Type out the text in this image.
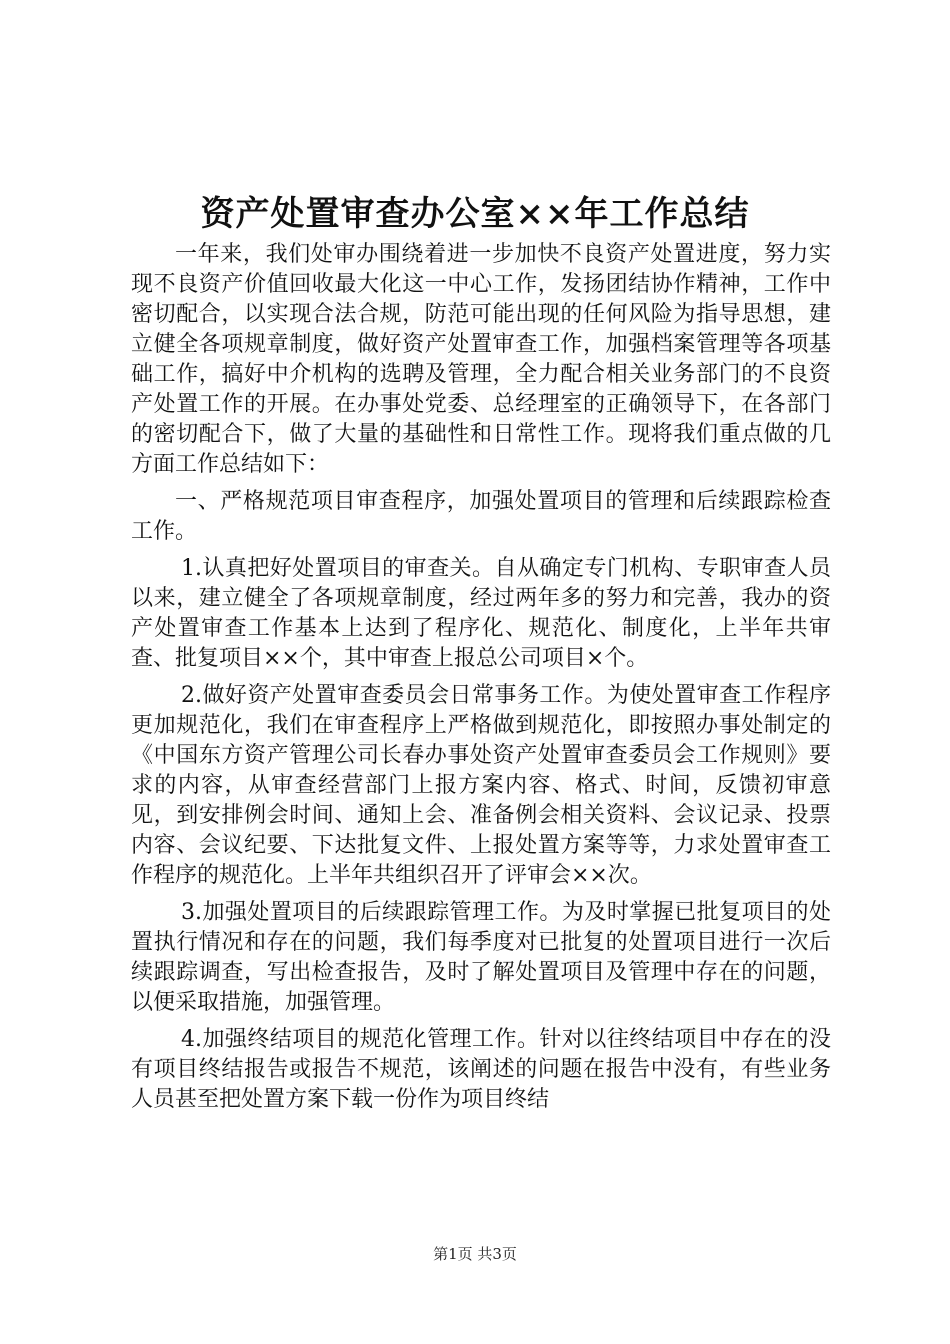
资产处置审查办公室××年工作总结

一年来，我们处审办围绕着进一步加快不良资产处置进度，努力实现不良资产价值回收最大化这一中心工作，发扬团结协作精神，工作中密切配合，以实现合法合规，防范可能出现的任何风险为指导思想，建立健全各项规章制度，做好资产处置审查工作，加强档案管理等各项基础工作，搞好中介机构的选聘及管理，全力配合相关业务部门的不良资产处置工作的开展。在办事处党委、总经理室的正确领导下，在各部门的密切配合下，做了大量的基础性和日常性工作。现将我们重点做的几方面工作总结如下：

一、严格规范项目审查程序，加强处置项目的管理和后续跟踪检查工作。

1.认真把好处置项目的审查关。自从确定专门机构、专职审查人员以来，建立健全了各项规章制度，经过两年多的努力和完善，我办的资产处置审查工作基本上达到了程序化、规范化、制度化，上半年共审查、批复项目××个，其中审查上报总公司项目×个。

2.做好资产处置审查委员会日常事务工作。为使处置审查工作程序更加规范化，我们在审查程序上严格做到规范化，即按照办事处制定的《中国东方资产管理公司长春办事处资产处置审查委员会工作规则》要求的内容，从审查经营部门上报方案内容、格式、时间，反馈初审意见，到安排例会时间、通知上会、准备例会相关资料、会议记录、投票内容、会议纪要、下达批复文件、上报处置方案等等，力求处置审查工作程序的规范化。上半年共组织召开了评审会××次。

3.加强处置项目的后续跟踪管理工作。为及时掌握已批复项目的处置执行情况和存在的问题，我们每季度对已批复的处置项目进行一次后续跟踪调查，写出检查报告，及时了解处置项目及管理中存在的问题，以便采取措施，加强管理。

4.加强终结项目的规范化管理工作。针对以往终结项目中存在的没有项目终结报告或报告不规范，该阐述的问题在报告中没有，有些业务人员甚至把处置方案下载一份作为项目终结

第1页 共3页
